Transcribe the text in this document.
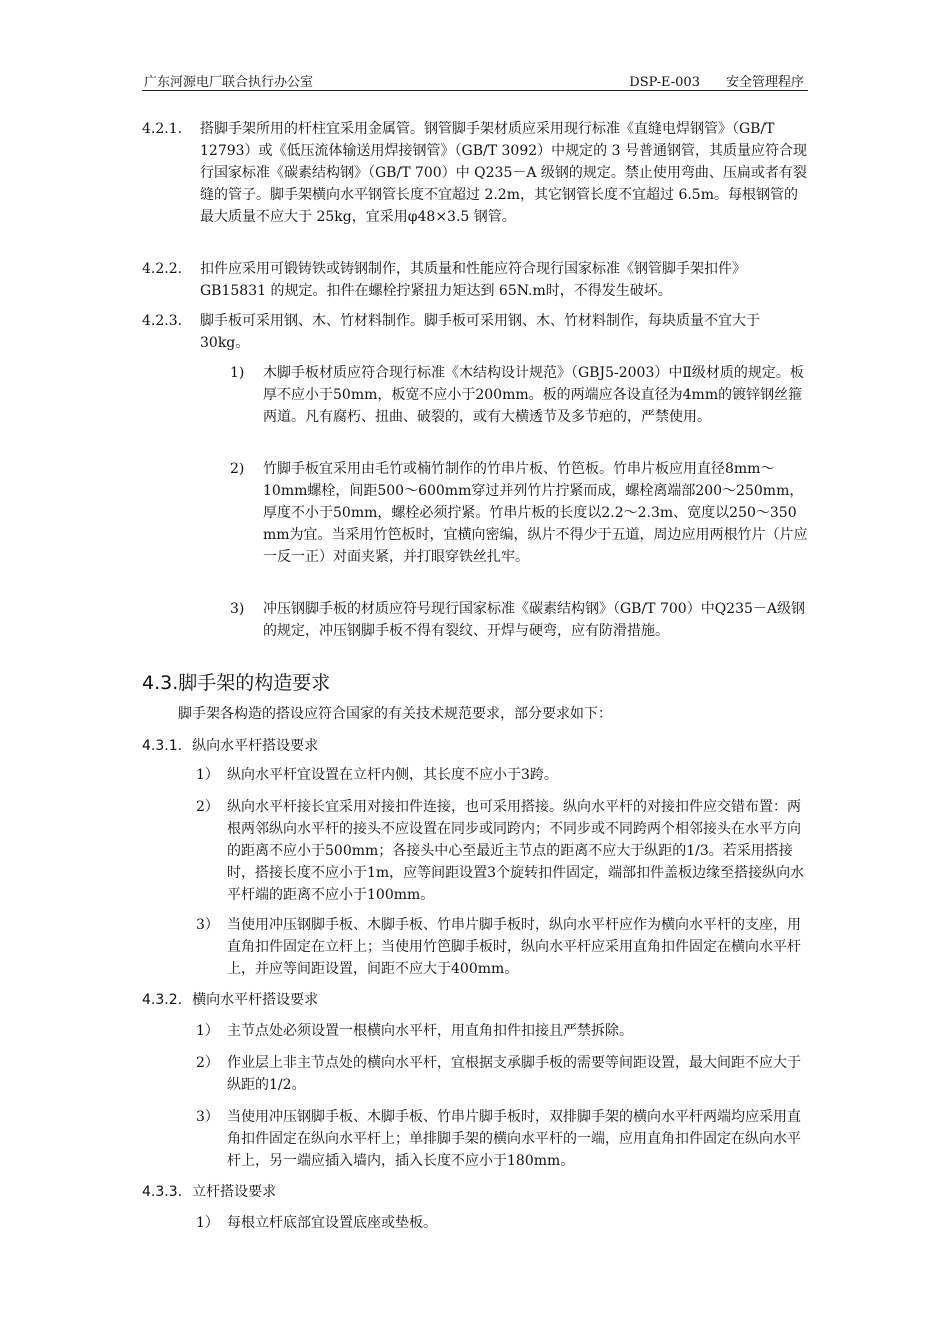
广东河源电厂联合执行办公室	DSP-E-003 安全管理程序
4.2.1. 搭脚手架所用的杆柱宜采用金属管。钢管脚手架材质应采用现行标准《直缝电焊钢管》（GB/T 12793）或《低压流体输送用焊接钢管》（GB/T 3092）中规定的 3 号普通钢管，其质量应符合现行国家标准《碳素结构钢》（GB/T 700）中 Q235－A 级钢的规定。禁止使用弯曲、压扁或者有裂缝的管子。脚手架横向水平钢管长度不宜超过 2.2m，其它钢管长度不宜超过 6.5m。每根钢管的最大质量不应大于 25kg，宜采用φ48×3.5 钢管。
4.2.2. 扣件应采用可锻铸铁或铸钢制作，其质量和性能应符合现行国家标准《钢管脚手架扣件》GB15831 的规定。扣件在螺栓拧紧扭力矩达到 65N.m时，不得发生破坏。
4.2.3. 脚手板可采用钢、木、竹材料制作。脚手板可采用钢、木、竹材料制作，每块质量不宜大于 30kg。
1) 木脚手板材质应符合现行标准《木结构设计规范》（GBJ5-2003）中Ⅱ级材质的规定。板厚不应小于50mm，板宽不应小于200mm。板的两端应各设直径为4mm的镀锌钢丝箍两道。凡有腐朽、扭曲、破裂的，或有大横透节及多节疤的，严禁使用。
2) 竹脚手板宜采用由毛竹或楠竹制作的竹串片板、竹笆板。竹串片板应用直径8mm～10mm螺栓，间距500～600mm穿过并列竹片拧紧而成，螺栓离端部200～250mm，厚度不小于50mm，螺栓必须拧紧。竹串片板的长度以2.2～2.3m、宽度以250～350 mm为宜。当采用竹笆板时，宜横向密编，纵片不得少于五道，周边应用两根竹片（片应一反一正）对面夹紧，并打眼穿铁丝扎牢。
3) 冲压钢脚手板的材质应符号现行国家标准《碳素结构钢》（GB/T 700）中Q235－A级钢的规定，冲压钢脚手板不得有裂纹、开焊与硬弯，应有防滑措施。
4.3.脚手架的构造要求
脚手架各构造的搭设应符合国家的有关技术规范要求，部分要求如下：
4.3.1. 纵向水平杆搭设要求
1） 纵向水平杆宜设置在立杆内侧，其长度不应小于3跨。
2） 纵向水平杆接长宜采用对接扣件连接，也可采用搭接。纵向水平杆的对接扣件应交错布置：两根两邻纵向水平杆的接头不应设置在同步或同跨内；不同步或不同跨两个相邻接头在水平方向的距离不应小于500mm；各接头中心至最近主节点的距离不应大于纵距的1/3。若采用搭接时，搭接长度不应小于1m，应等间距设置3个旋转扣件固定，端部扣件盖板边缘至搭接纵向水平杆端的距离不应小于100mm。
3） 当使用冲压钢脚手板、木脚手板、竹串片脚手板时，纵向水平杆应作为横向水平杆的支座，用直角扣件固定在立杆上；当使用竹笆脚手板时，纵向水平杆应采用直角扣件固定在横向水平杆上，并应等间距设置，间距不应大于400mm。
4.3.2. 横向水平杆搭设要求
1） 主节点处必须设置一根横向水平杆，用直角扣件扣接且严禁拆除。
2） 作业层上非主节点处的横向水平杆，宜根据支承脚手板的需要等间距设置，最大间距不应大于纵距的1/2。
3） 当使用冲压钢脚手板、木脚手板、竹串片脚手板时，双排脚手架的横向水平杆两端均应采用直角扣件固定在纵向水平杆上；单排脚手架的横向水平杆的一端，应用直角扣件固定在纵向水平杆上，另一端应插入墙内，插入长度不应小于180mm。
4.3.3. 立杆搭设要求
1） 每根立杆底部宜设置底座或垫板。
